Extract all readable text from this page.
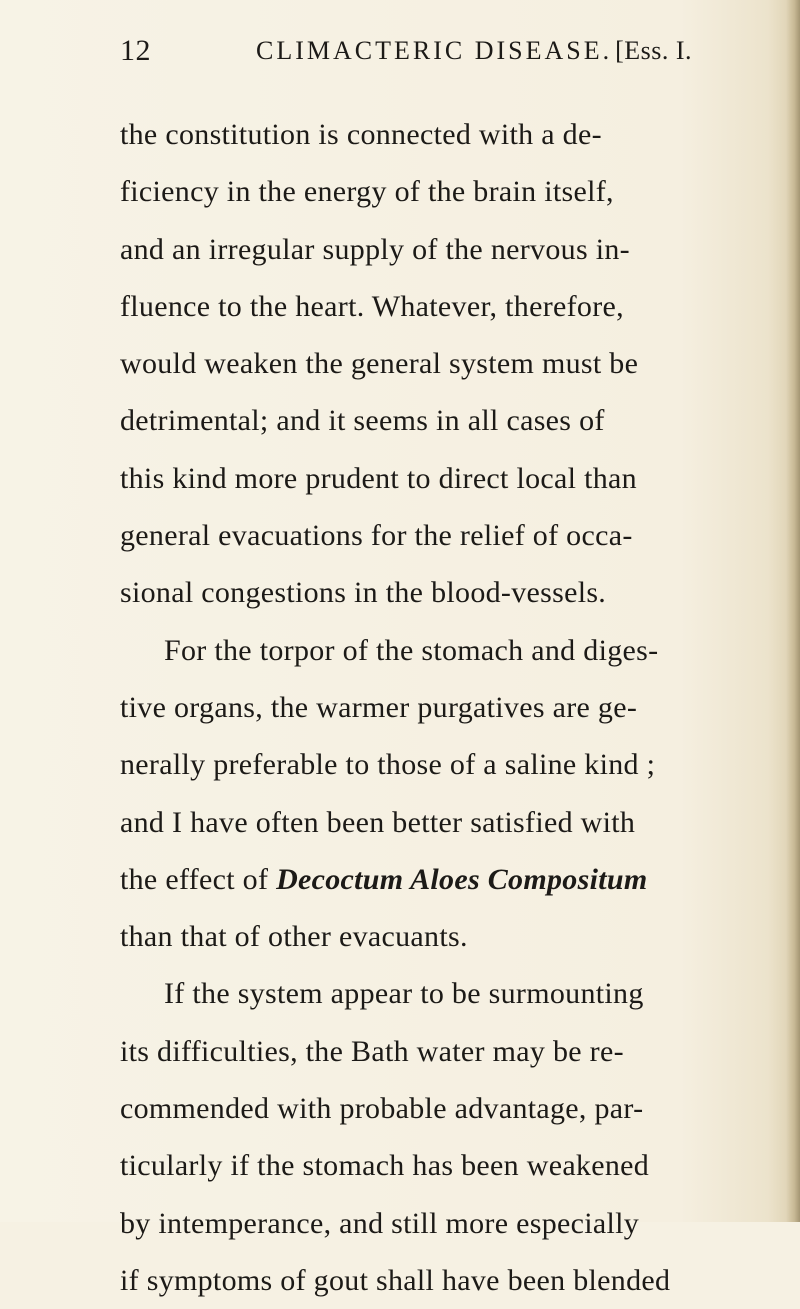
12	CLIMACTERIC DISEASE. [Ess. I.
the constitution is connected with a de-
ficiency in the energy of the brain itself,
and an irregular supply of the nervous in-
fluence to the heart. Whatever, therefore,
would weaken the general system must be
detrimental; and it seems in all cases of
this kind more prudent to direct local than
general evacuations for the relief of occa-
sional congestions in the blood-vessels.
For the torpor of the stomach and diges-
tive organs, the warmer purgatives are ge-
nerally preferable to those of a saline kind ;
and I have often been better satisfied with
the effect of Decoctum Aloes Compositum
than that of other evacuants.
If the system appear to be surmounting
its difficulties, the Bath water may be re-
commended with probable advantage, par-
ticularly if the stomach has been weakened
by intemperance, and still more especially
if symptoms of gout shall have been blended
